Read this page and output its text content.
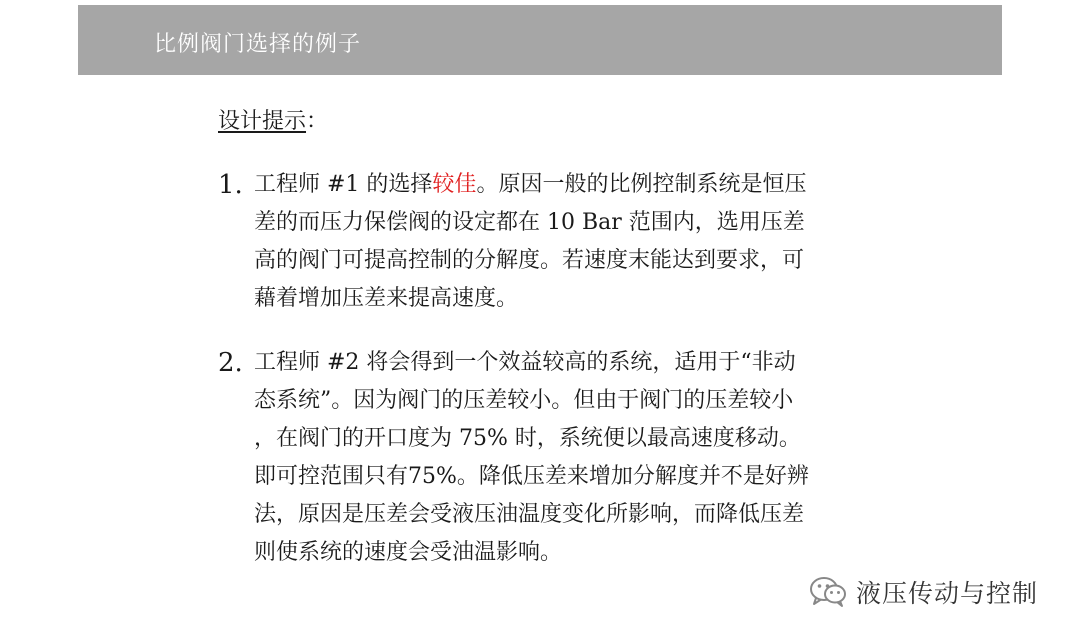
比例阀门选择的例子
设计提示：
1. 工程师 #1 的选择较佳。原因一般的比例控制系统是恒压
差的而压力保偿阀的设定都在 10 Bar 范围内，选用压差
高的阀门可提高控制的分解度。若速度末能达到要求，可
藉着增加压差来提高速度。
2. 工程师 #2 将会得到一个效益较高的系统，适用于“非动
态系统”。因为阀门的压差较小。但由于阀门的压差较小
，在阀门的开口度为 75% 时，系统便以最高速度移动。
即可控范围只有75%。降低压差来增加分解度并不是好辨
法，原因是压差会受液压油温度变化所影响，而降低压差
则使系统的速度会受油温影响。
液压传动与控制
